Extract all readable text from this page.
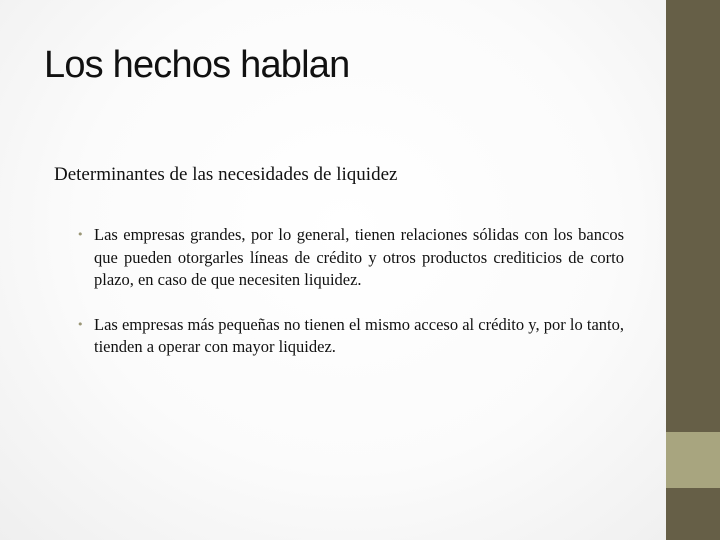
Los hechos hablan
Determinantes de las necesidades de liquidez
• Las empresas grandes, por lo general, tienen relaciones sólidas con los bancos que pueden otorgarles líneas de crédito y otros productos crediticios de corto plazo, en caso de que necesiten liquidez.
• Las empresas más pequeñas no tienen el mismo acceso al crédito y, por lo tanto, tienden a operar con mayor liquidez.
